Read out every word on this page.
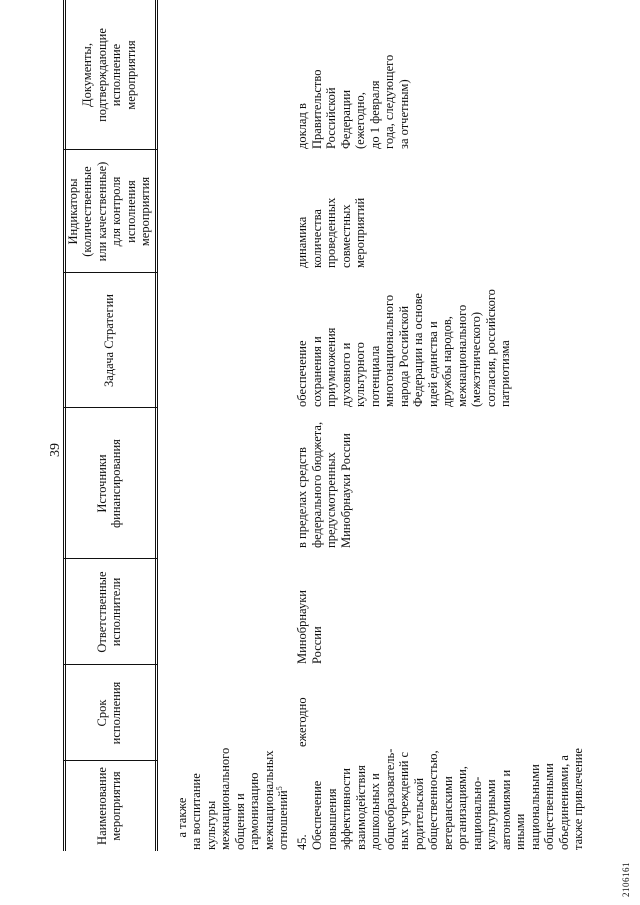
39
Наименование
мероприятия
Срок
исполнения
Ответственные
исполнители
Источники
финансирования
Задача Стратегии
Индикаторы
(количественные
или качественные)
для контроля
исполнения
мероприятия
Документы,
подтверждающие
исполнение
мероприятия

а также
на воспитание
культуры
межнационального
общения и
гармонизацию
межнациональных
отношений$^5$

45. Обеспечение
повышения
эффективности
взаимодействия
дошкольных и
общеобразователь-
ных учреждений с
родительской
общественностью,
ветеранскими
организациями,
национально-
культурными
автономиями и
иными
национальными
общественными
объединениями, а
также привлечение
ежегодно
Минобрнауки
России
в пределах средств
федерального бюджета,
предусмотренных
Минобрнауки России
обеспечение
сохранения и
приумножения
духовного и
культурного
потенциала
многонационального
народа Российской
Федерации на основе
идей единства и
дружбы народов,
межнационального
(межэтнического)
согласия, российского
патриотизма
динамика
количества
проведенных
совместных
мероприятий
доклад в
Правительство
Российской
Федерации
(ежегодно,
до 1 февраля
года, следующего
за отчетным)
2106161
